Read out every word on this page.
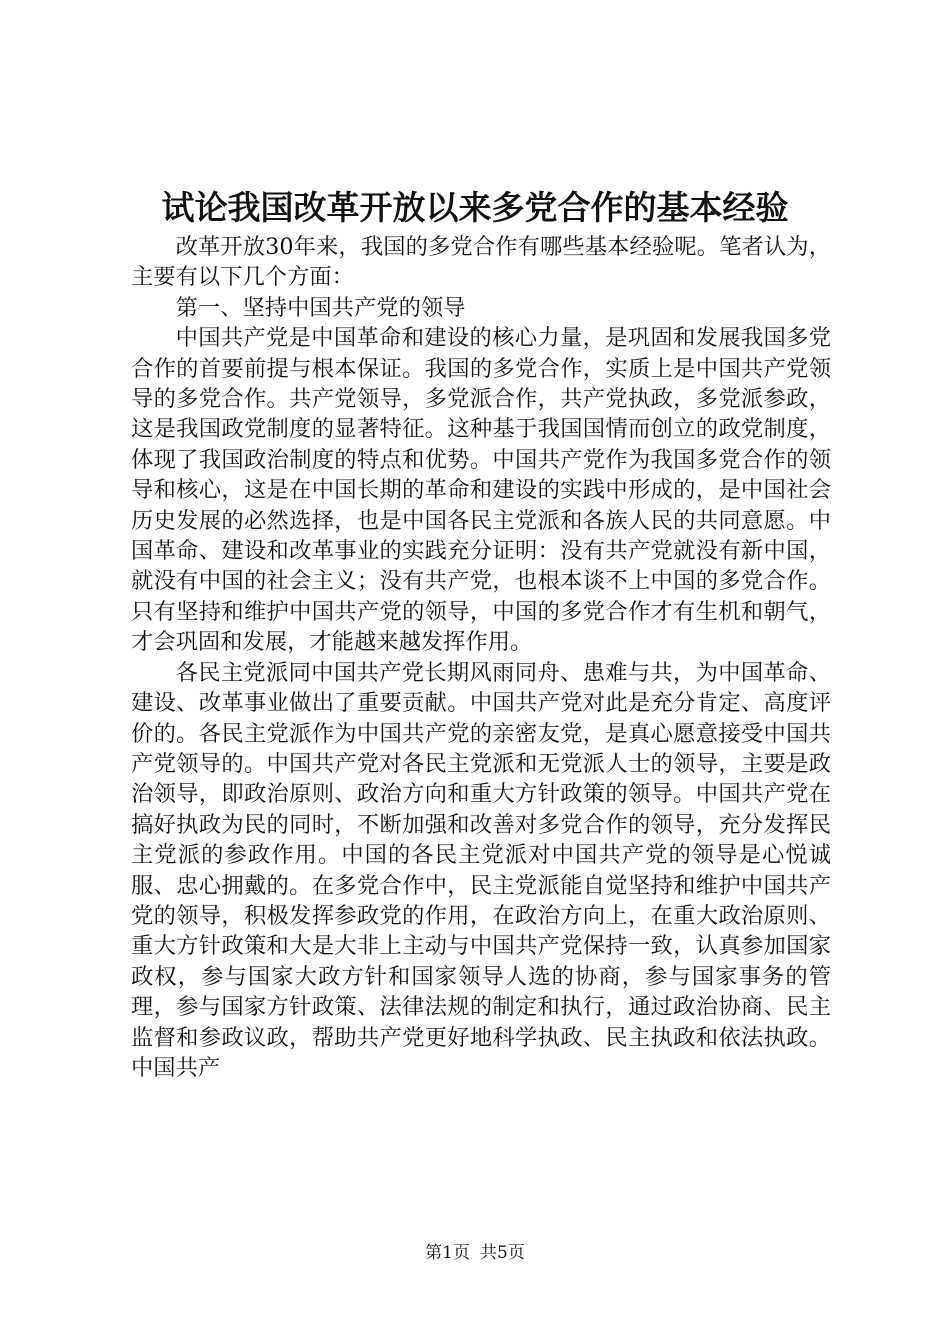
试论我国改革开放以来多党合作的基本经验

改革开放30年来，我国的多党合作有哪些基本经验呢。笔者认为，主要有以下几个方面：

第一、坚持中国共产党的领导

中国共产党是中国革命和建设的核心力量，是巩固和发展我国多党合作的首要前提与根本保证。我国的多党合作，实质上是中国共产党领导的多党合作。共产党领导，多党派合作，共产党执政，多党派参政，这是我国政党制度的显著特征。这种基于我国国情而创立的政党制度，体现了我国政治制度的特点和优势。中国共产党作为我国多党合作的领导和核心，这是在中国长期的革命和建设的实践中形成的，是中国社会历史发展的必然选择，也是中国各民主党派和各族人民的共同意愿。中国革命、建设和改革事业的实践充分证明：没有共产党就没有新中国，就没有中国的社会主义；没有共产党，也根本谈不上中国的多党合作。只有坚持和维护中国共产党的领导，中国的多党合作才有生机和朝气，才会巩固和发展，才能越来越发挥作用。

各民主党派同中国共产党长期风雨同舟、患难与共，为中国革命、建设、改革事业做出了重要贡献。中国共产党对此是充分肯定、高度评价的。各民主党派作为中国共产党的亲密友党，是真心愿意接受中国共产党领导的。中国共产党对各民主党派和无党派人士的领导，主要是政治领导，即政治原则、政治方向和重大方针政策的领导。中国共产党在搞好执政为民的同时，不断加强和改善对多党合作的领导，充分发挥民主党派的参政作用。中国的各民主党派对中国共产党的领导是心悦诚服、忠心拥戴的。在多党合作中，民主党派能自觉坚持和维护中国共产党的领导，积极发挥参政党的作用，在政治方向上，在重大政治原则、重大方针政策和大是大非上主动与中国共产党保持一致，认真参加国家政权，参与国家大政方针和国家领导人选的协商，参与国家事务的管理，参与国家方针政策、法律法规的制定和执行，通过政治协商、民主监督和参政议政，帮助共产党更好地科学执政、民主执政和依法执政。中国共产

第1页 共5页
